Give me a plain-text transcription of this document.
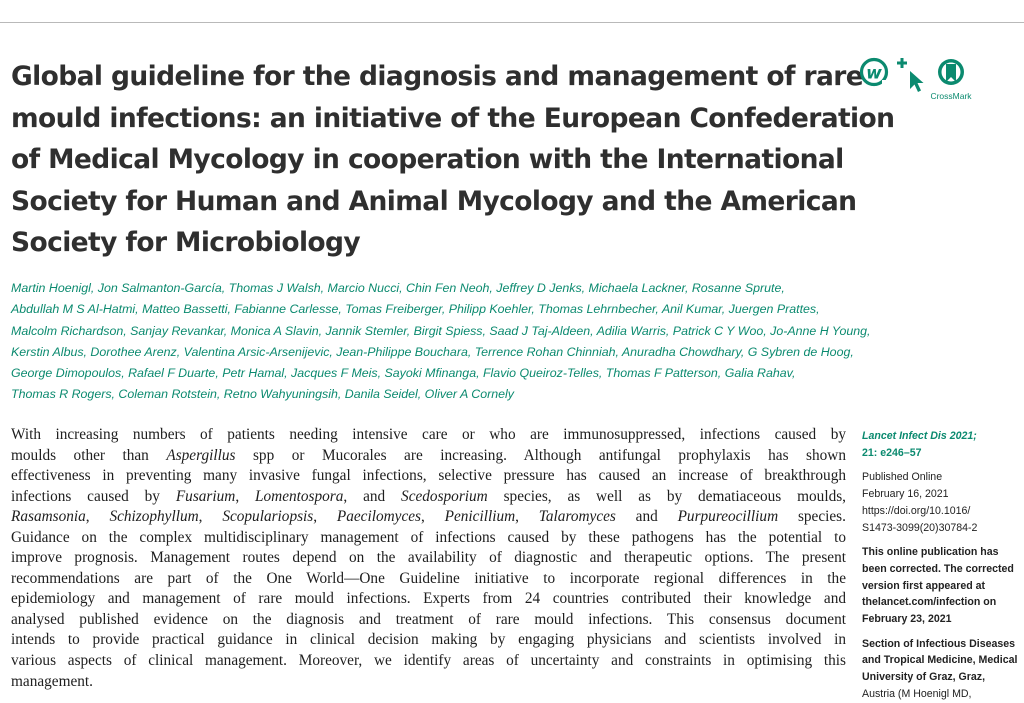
Global guideline for the diagnosis and management of rare
mould infections: an initiative of the European Confederation
of Medical Mycology in cooperation with the International
Society for Human and Animal Mycology and the American
Society for Microbiology
w
CrossMark
Martin Hoenigl, Jon Salmanton-García, Thomas J Walsh, Marcio Nucci, Chin Fen Neoh, Jeffrey D Jenks, Michaela Lackner, Rosanne Sprute,
Abdullah M S Al-Hatmi, Matteo Bassetti, Fabianne Carlesse, Tomas Freiberger, Philipp Koehler, Thomas Lehrnbecher, Anil Kumar, Juergen Prattes,
Malcolm Richardson, Sanjay Revankar, Monica A Slavin, Jannik Stemler, Birgit Spiess, Saad J Taj-Aldeen, Adilia Warris, Patrick C Y Woo, Jo-Anne H Young,
Kerstin Albus, Dorothee Arenz, Valentina Arsic-Arsenijevic, Jean-Philippe Bouchara, Terrence Rohan Chinniah, Anuradha Chowdhary, G Sybren de Hoog,
George Dimopoulos, Rafael F Duarte, Petr Hamal, Jacques F Meis, Sayoki Mfinanga, Flavio Queiroz-Telles, Thomas F Patterson, Galia Rahav,
Thomas R Rogers, Coleman Rotstein, Retno Wahyuningsih, Danila Seidel, Oliver A Cornely
With increasing numbers of patients needing intensive care or who are immunosuppressed, infections caused by
moulds other than Aspergillus spp or Mucorales are increasing. Although antifungal prophylaxis has shown
effectiveness in preventing many invasive fungal infections, selective pressure has caused an increase of breakthrough
infections caused by Fusarium, Lomentospora, and Scedosporium species, as well as by dematiaceous moulds,
Rasamsonia, Schizophyllum, Scopulariopsis, Paecilomyces, Penicillium, Talaromyces and Purpureocillium species.
Guidance on the complex multidisciplinary management of infections caused by these pathogens has the potential to
improve prognosis. Management routes depend on the availability of diagnostic and therapeutic options. The present
recommendations are part of the One World—One Guideline initiative to incorporate regional differences in the
epidemiology and management of rare mould infections. Experts from 24 countries contributed their knowledge and
analysed published evidence on the diagnosis and treatment of rare mould infections. This consensus document
intends to provide practical guidance in clinical decision making by engaging physicians and scientists involved in
various aspects of clinical management. Moreover, we identify areas of uncertainty and constraints in optimising this
management.
Lancet Infect Dis 2021;
21: e246–57
Published Online
February 16, 2021
https://doi.org/10.1016/
S1473-3099(20)30784-2
This online publication has
been corrected. The corrected
version first appeared at
thelancet.com/infection on
February 23, 2021
Section of Infectious Diseases
and Tropical Medicine, Medical
University of Graz, Graz,
Austria (M Hoenigl MD,
